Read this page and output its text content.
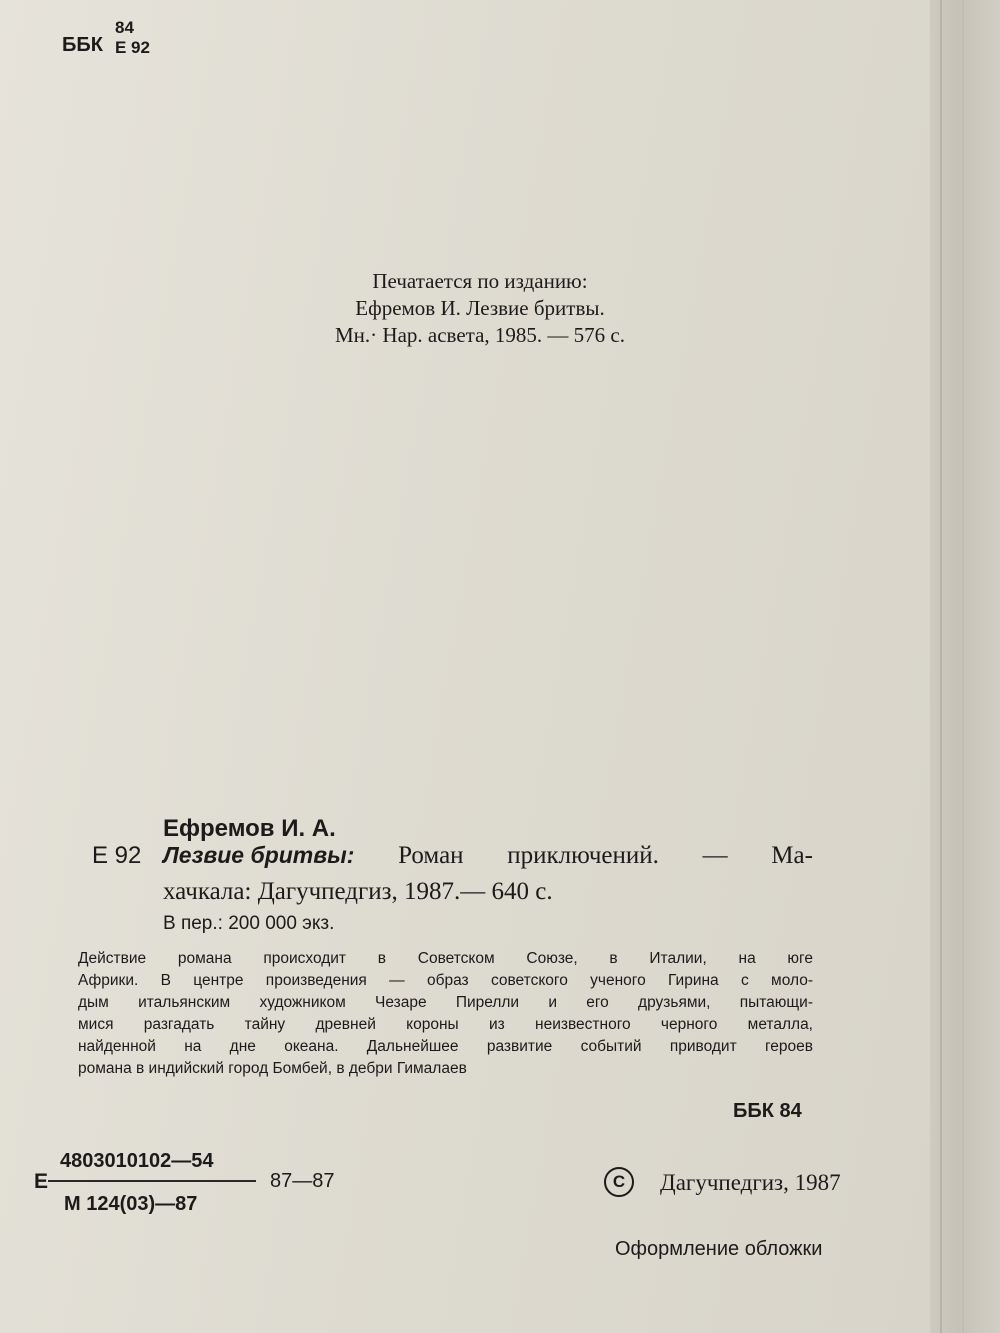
ББК
84
Е 92
Печатается по изданию:
Ефремов И. Лезвие бритвы.
Мн.· Нар. асвета, 1985. — 576 с.
Ефремов И. А.
Е 92 Лезвие бритвы: Роман приключений. — Ма-
хачкала: Дагучпедгиз, 1987.— 640 с.
В пер.: 200 000 экз.
Действие романа происходит в Советском Союзе, в Италии, на юге
Африки. В центре произведения — образ советского ученого Гирина с моло-
дым итальянским художником Чезаре Пирелли и его друзьями, пытающи-
мися разгадать тайну древней короны из неизвестного черного металла,
найденной на дне океана. Дальнейшее развитие событий приводит героев
романа в индийский город Бомбей, в дебри Гималаев
ББК 84
Е
4803010102—54
М 124(03)—87
87—87	C	Дагучпедгиз, 1987
Оформление обложки
